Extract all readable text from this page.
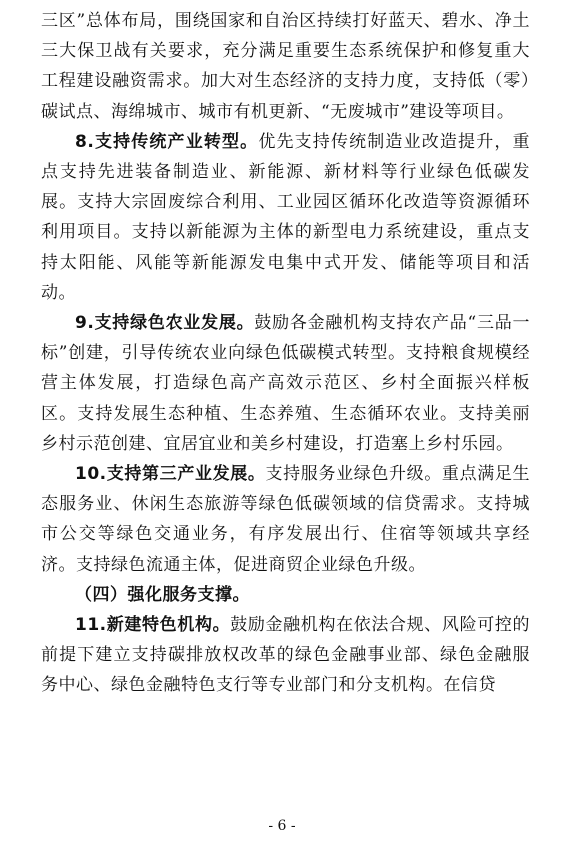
三区”总体布局，围绕国家和自治区持续打好蓝天、碧水、净土三大保卫战有关要求，充分满足重要生态系统保护和修复重大工程建设融资需求。加大对生态经济的支持力度，支持低（零）碳试点、海绵城市、城市有机更新、“无废城市”建设等项目。

8.支持传统产业转型。优先支持传统制造业改造提升，重点支持先进装备制造业、新能源、新材料等行业绿色低碳发展。支持大宗固废综合利用、工业园区循环化改造等资源循环利用项目。支持以新能源为主体的新型电力系统建设，重点支持太阳能、风能等新能源发电集中式开发、储能等项目和活动。

9.支持绿色农业发展。鼓励各金融机构支持农产品“三品一标”创建，引导传统农业向绿色低碳模式转型。支持粮食规模经营主体发展，打造绿色高产高效示范区、乡村全面振兴样板区。支持发展生态种植、生态养殖、生态循环农业。支持美丽乡村示范创建、宜居宜业和美乡村建设，打造塞上乡村乐园。

10.支持第三产业发展。支持服务业绿色升级。重点满足生态服务业、休闲生态旅游等绿色低碳领域的信贷需求。支持城市公交等绿色交通业务，有序发展出行、住宿等领域共享经济。支持绿色流通主体，促进商贸企业绿色升级。

（四）强化服务支撑。

11.新建特色机构。鼓励金融机构在依法合规、风险可控的前提下建立支持碳排放权改革的绿色金融事业部、绿色金融服务中心、绿色金融特色支行等专业部门和分支机构。在信贷

- 6 -
